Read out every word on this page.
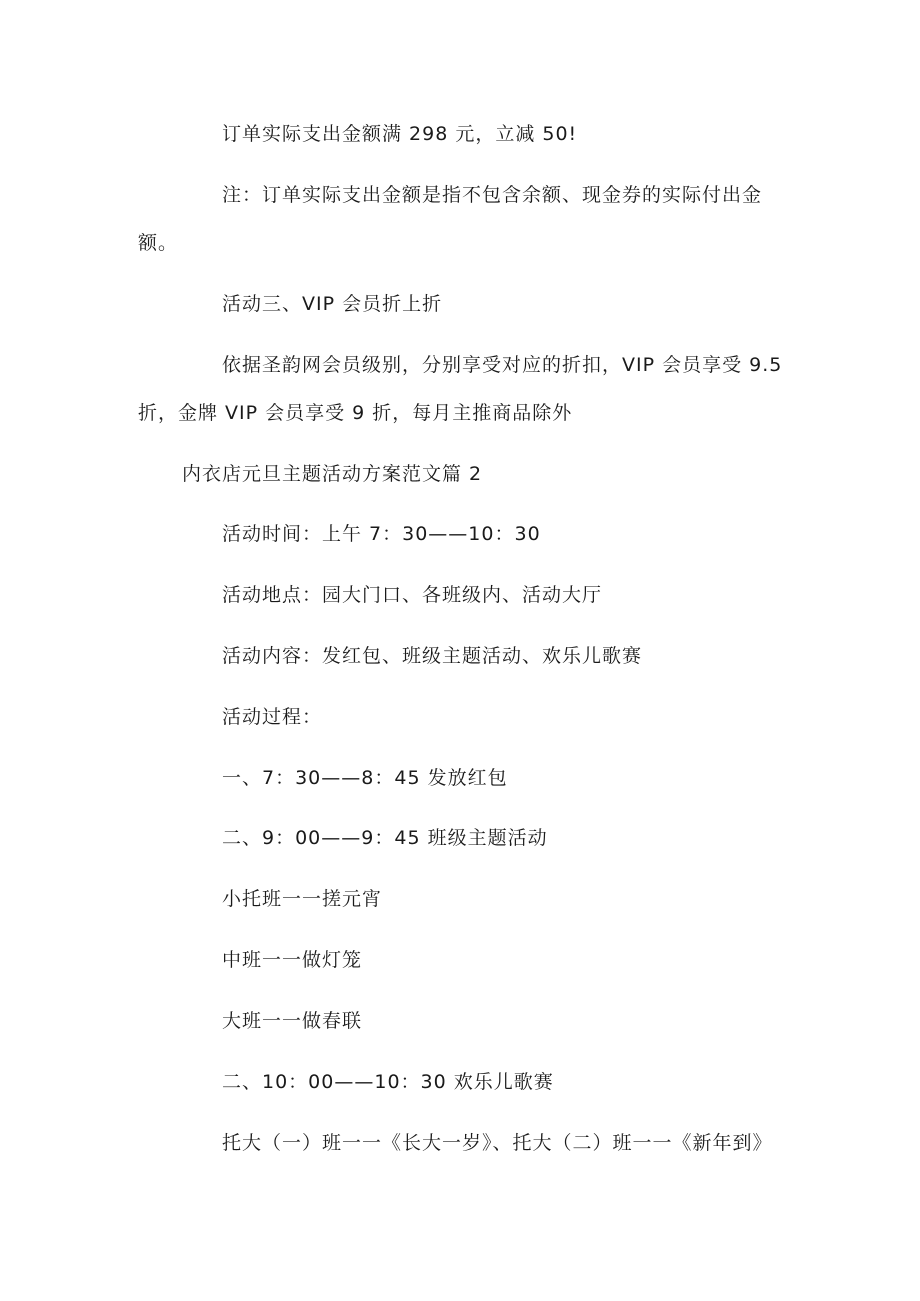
订单实际支出金额满 298 元，立减 50!
注：订单实际支出金额是指不包含余额、现金券的实际付出金
额。
活动三、VIP 会员折上折
依据圣韵网会员级别，分别享受对应的折扣，VIP 会员享受 9.5
折，金牌 VIP 会员享受 9 折，每月主推商品除外
内衣店元旦主题活动方案范文篇 2
活动时间：上午 7：30——10：30
活动地点：园大门口、各班级内、活动大厅
活动内容：发红包、班级主题活动、欢乐儿歌赛
活动过程：
一、7：30——8：45 发放红包
二、9：00——9：45 班级主题活动
小托班一一搓元宵
中班一一做灯笼
大班一一做春联
二、10：00——10：30 欢乐儿歌赛
托大（一）班一一《长大一岁》、托大（二）班一一《新年到》
